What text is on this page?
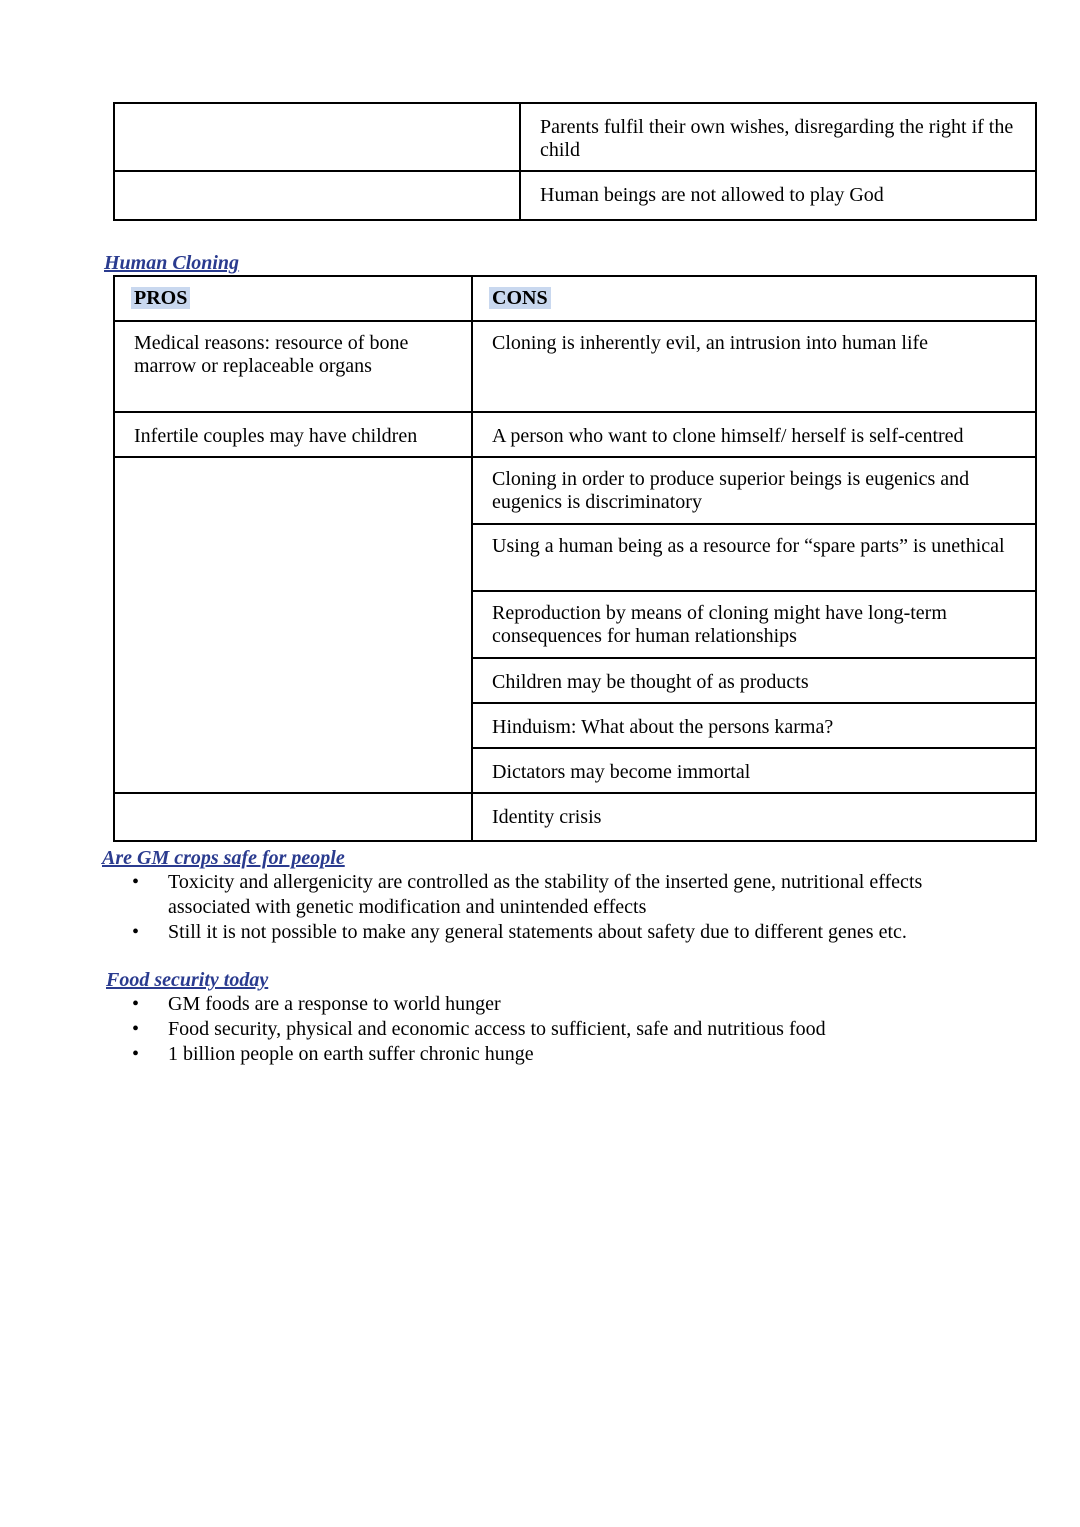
	Parents fulfil their own wishes, disregarding the right if the child
	Human beings are not allowed to play God
Human Cloning
PROS	CONS
Medical reasons: resource of bone marrow or replaceable organs	Cloning is inherently evil, an intrusion into human life
Infertile couples may have children	A person who want to clone himself/ herself is self-centred
	Cloning in order to produce superior beings is eugenics and eugenics is discriminatory
	Using a human being as a resource for “spare parts” is unethical
	Reproduction by means of cloning might have long-term consequences for human relationships
	Children may be thought of as products
	Hinduism: What about the persons karma?
	Dictators may become immortal
	Identity crisis
Are GM crops safe for people
• Toxicity and allergenicity are controlled as the stability of the inserted gene, nutritional effects associated with genetic modification and unintended effects
• Still it is not possible to make any general statements about safety due to different genes etc.
Food security today
• GM foods are a response to world hunger
• Food security, physical and economic access to sufficient, safe and nutritious food
• 1 billion people on earth suffer chronic hunge
